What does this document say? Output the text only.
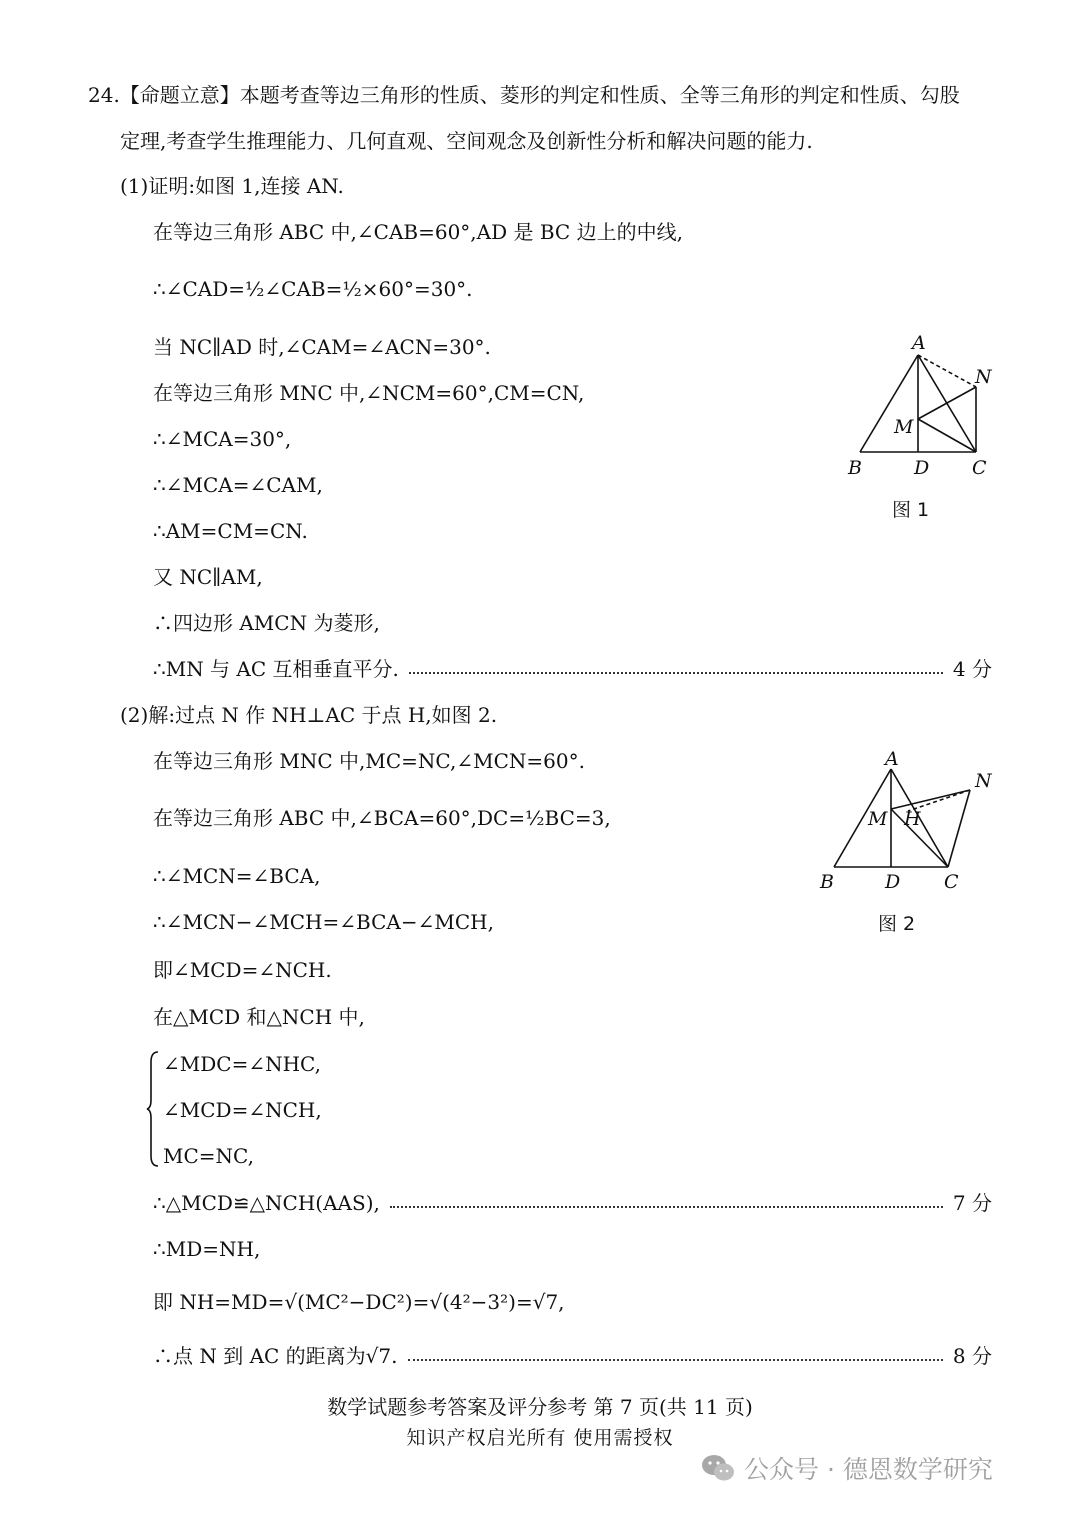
24.【命题立意】本题考查等边三角形的性质、菱形的判定和性质、全等三角形的判定和性质、勾股
定理,考查学生推理能力、几何直观、空间观念及创新性分析和解决问题的能力.
(1)证明:如图 1,连接 AN.
在等边三角形 ABC 中,∠CAB=60°,AD 是 BC 边上的中线,
∴∠CAD=½∠CAB=½×60°=30°.
当 NC∥AD 时,∠CAM=∠ACN=30°.
在等边三角形 MNC 中,∠NCM=60°,CM=CN,
∴∠MCA=30°,
∴∠MCA=∠CAM,
∴AM=CM=CN.
又 NC∥AM,
∴四边形 AMCN 为菱形,
∴MN 与 AC 互相垂直平分.	4 分
(2)解:过点 N 作 NH⊥AC 于点 H,如图 2.
在等边三角形 MNC 中,MC=NC,∠MCN=60°.
在等边三角形 ABC 中,∠BCA=60°,DC=½BC=3,
∴∠MCN=∠BCA,
∴∠MCN−∠MCH=∠BCA−∠MCH,
即∠MCD=∠NCH.
在△MCD 和△NCH 中,
∠MDC=∠NHC,
∠MCD=∠NCH,
MC=NC,
∴△MCD≌△NCH(AAS),	7 分
∴MD=NH,
即 NH=MD=√(MC²−DC²)=√(4²−3²)=√7,
∴点 N 到 AC 的距离为√7.	8 分
A
B	D C
M
N
图 1
A
B	D C
M H
N
图 2
数学试题参考答案及评分参考 第 7 页(共 11 页)
知识产权启光所有 使用需授权
公众号 · 德恩数学研究
